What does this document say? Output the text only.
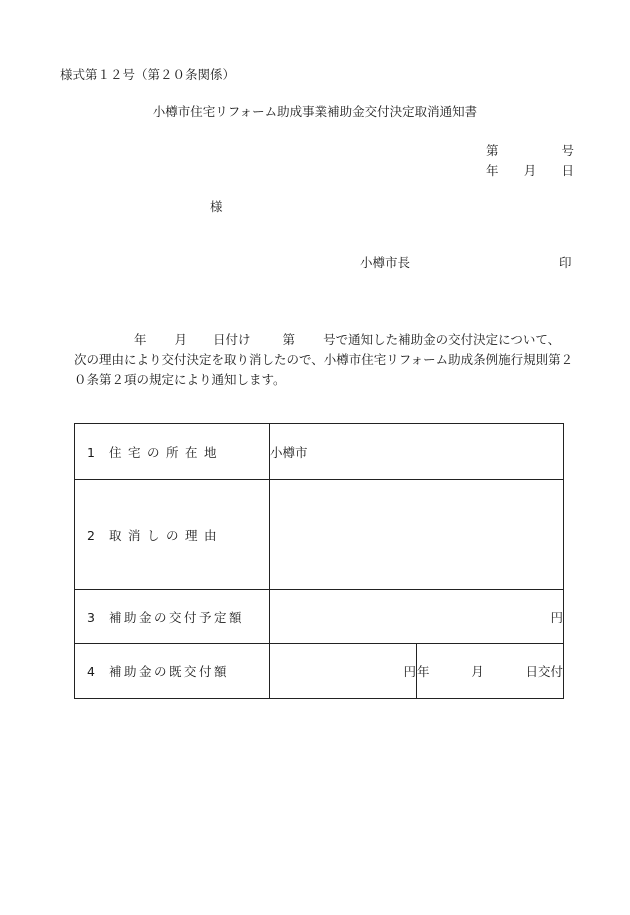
様式第１２号（第２０条関係）
小樽市住宅リフォーム助成事業補助金交付決定取消通知書
第	号
年 月 日
様
小樽市長	印
年 月 日付け	第 号で通知した補助金の交付決定について、
次の理由により交付決定を取り消したので、小樽市住宅リフォーム助成条例施行規則第２
０条第２項の規定により通知します。
1 住宅の所在地	小樽市	
2 取消しの理由		
3 補助金の交付予定額	円	
4 補助金の既交付額	円	年 月 日交付
